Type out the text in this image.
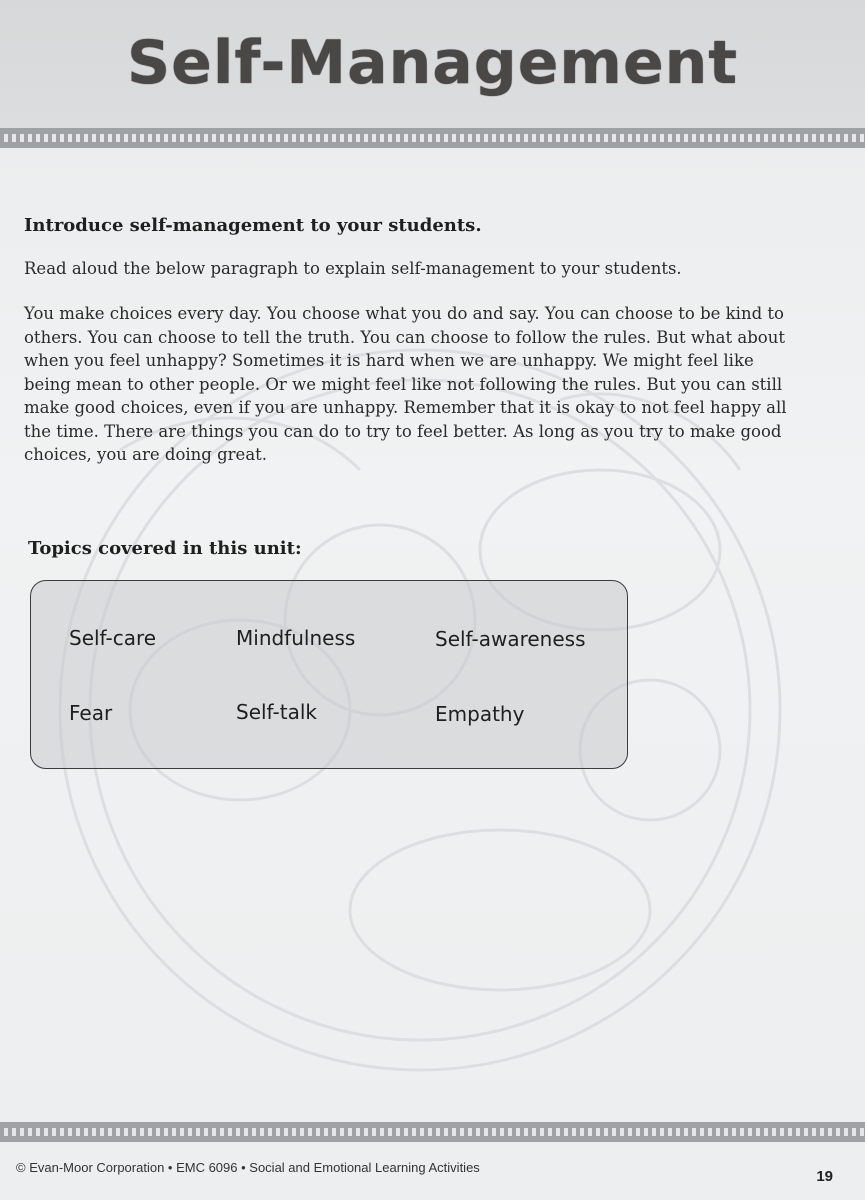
Self-Management
Introduce self-management to your students.
Read aloud the below paragraph to explain self-management to your students.
You make choices every day. You choose what you do and say. You can choose to be kind to others. You can choose to tell the truth. You can choose to follow the rules. But what about when you feel unhappy? Sometimes it is hard when we are unhappy. We might feel like being mean to other people. Or we might feel like not following the rules. But you can still make good choices, even if you are unhappy. Remember that it is okay to not feel happy all the time. There are things you can do to try to feel better. As long as you try to make good choices, you are doing great.
Topics covered in this unit:
Self-care	Mindfulness	Self-awareness
Fear	Self-talk	Empathy
© Evan-Moor Corporation • EMC 6096 • Social and Emotional Learning Activities
19
